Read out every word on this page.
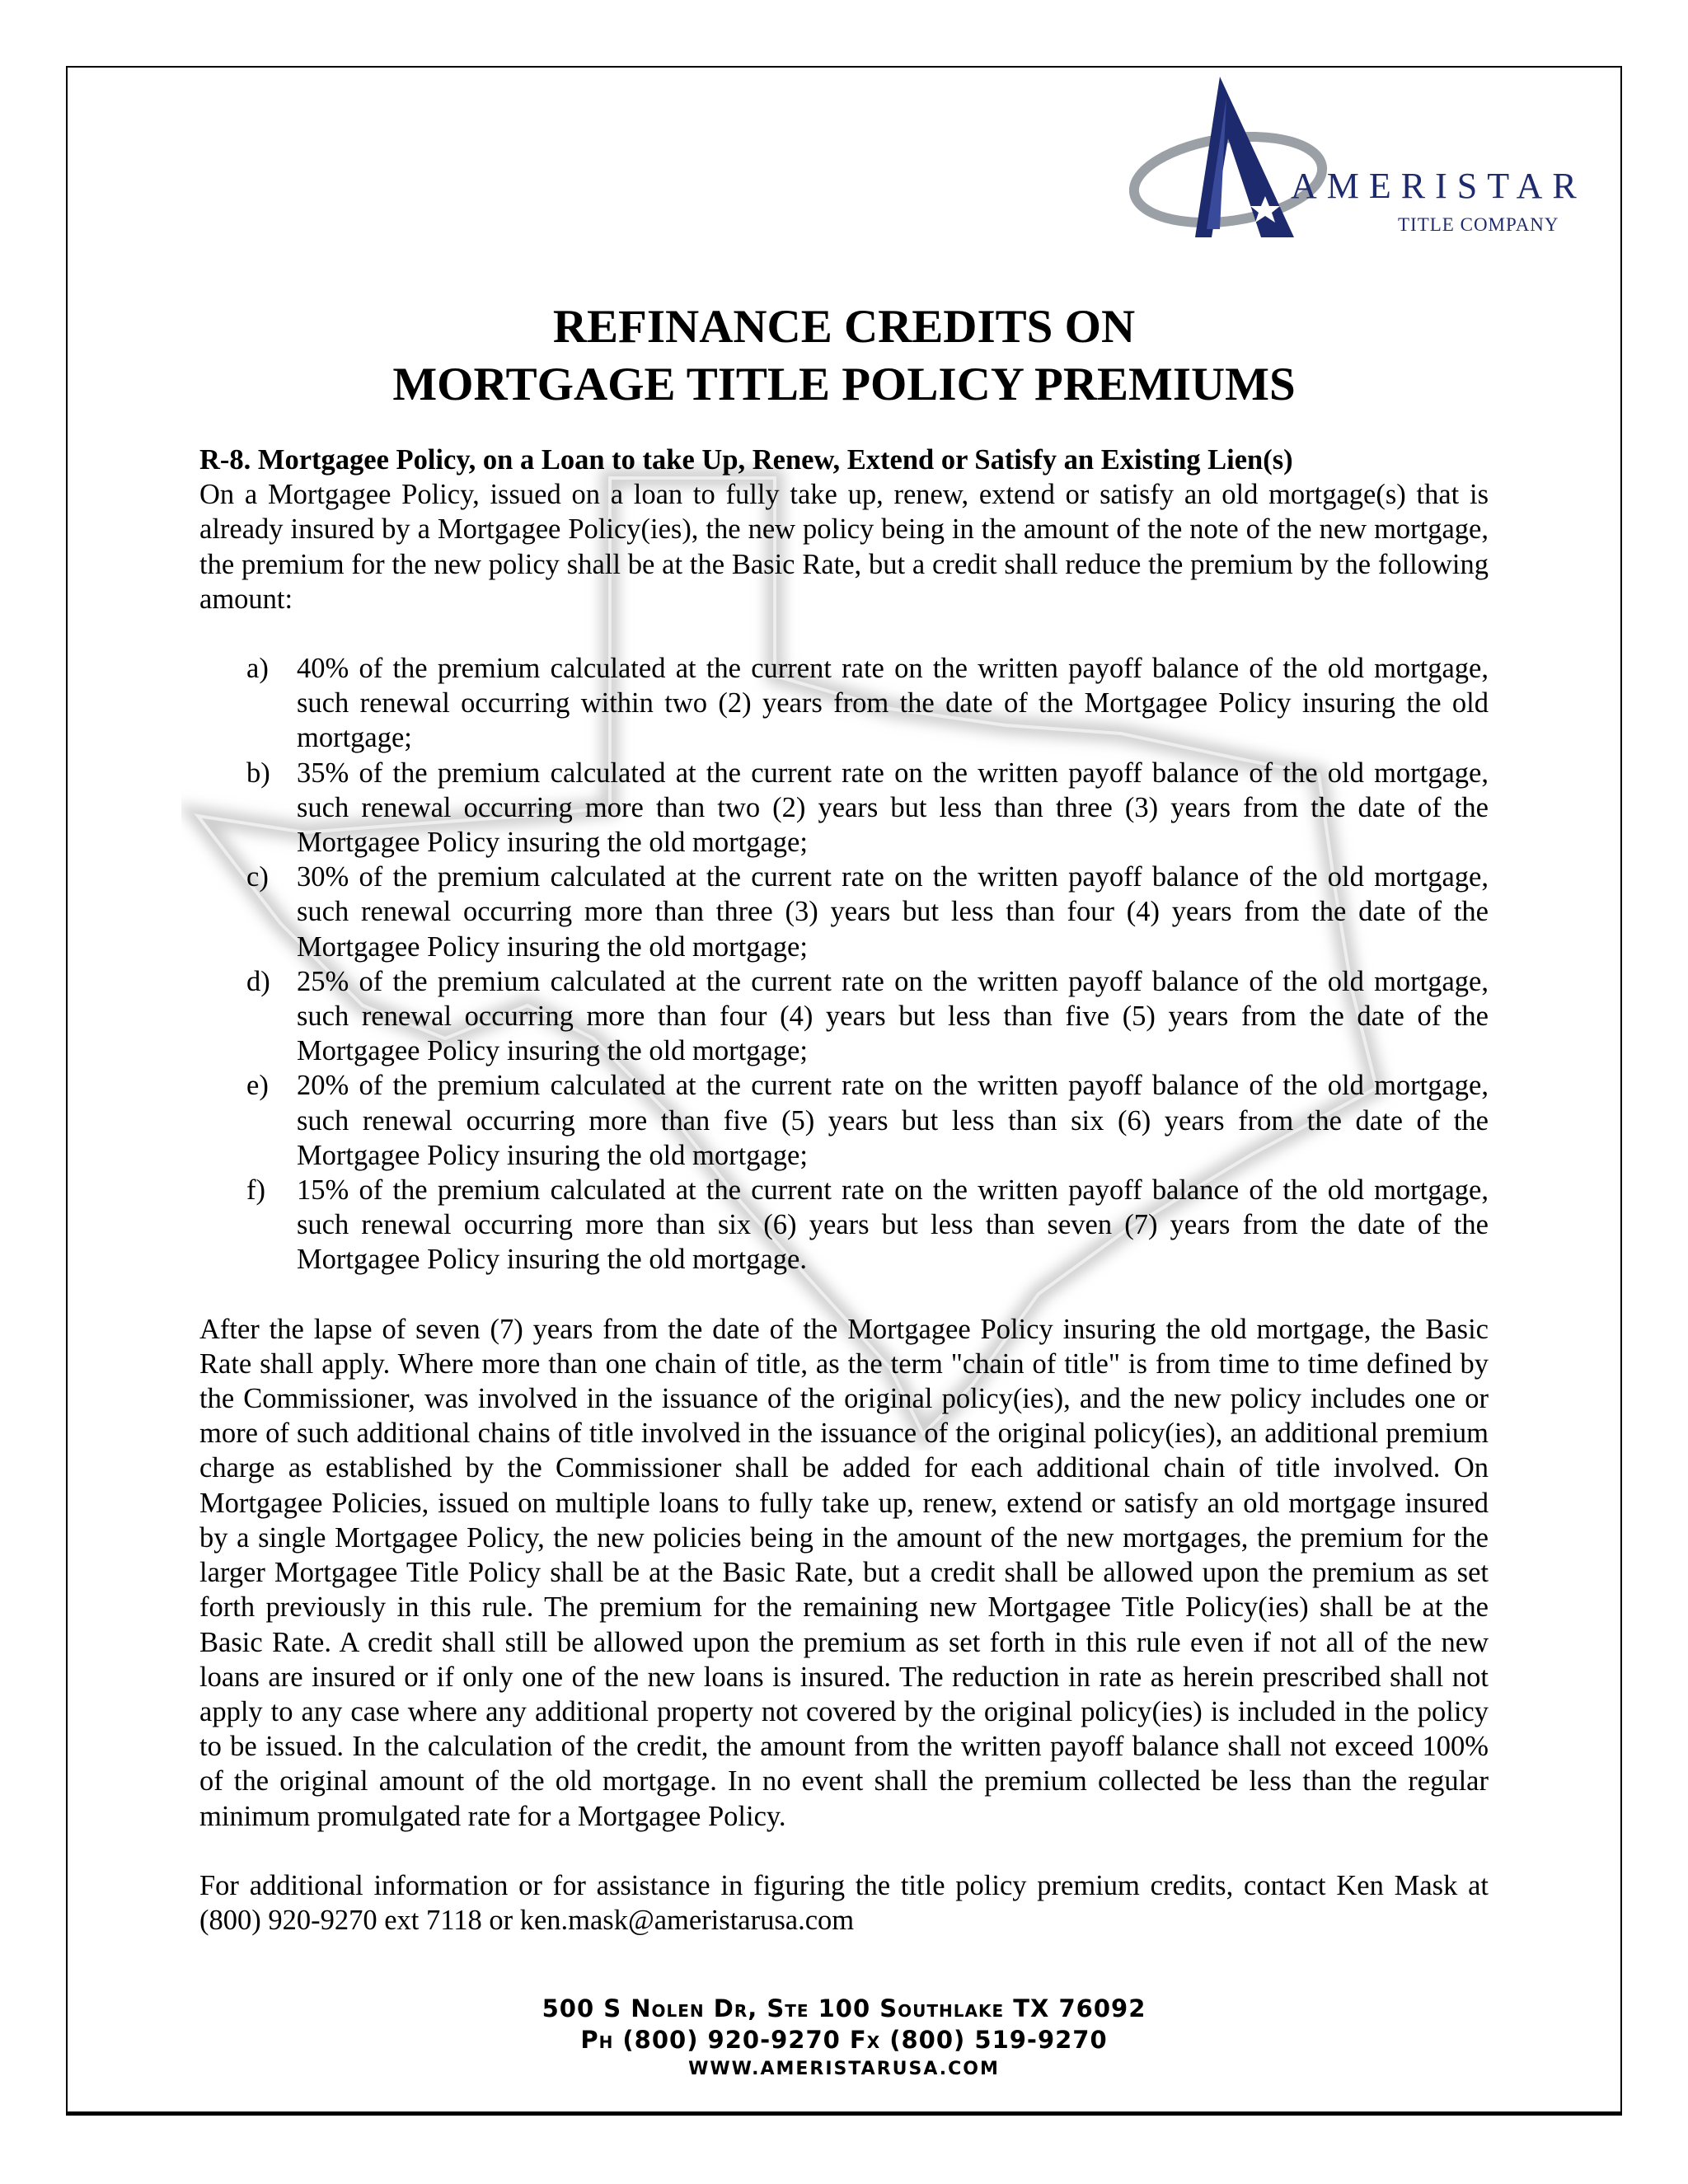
AMERISTAR
TITLE COMPANY
REFINANCE CREDITS ON
MORTGAGE TITLE POLICY PREMIUMS

R-8. Mortgagee Policy, on a Loan to take Up, Renew, Extend or Satisfy an Existing Lien(s)

On a Mortgagee Policy, issued on a loan to fully take up, renew, extend or satisfy an old mortgage(s) that is already insured by a Mortgagee Policy(ies), the new policy being in the amount of the note of the new mortgage, the premium for the new policy shall be at the Basic Rate, but a credit shall reduce the premium by the following amount:

a) 40% of the premium calculated at the current rate on the written payoff balance of the old mortgage, such renewal occurring within two (2) years from the date of the Mortgagee Policy insuring the old mortgage;
b) 35% of the premium calculated at the current rate on the written payoff balance of the old mortgage, such renewal occurring more than two (2) years but less than three (3) years from the date of the Mortgagee Policy insuring the old mortgage;
c) 30% of the premium calculated at the current rate on the written payoff balance of the old mortgage, such renewal occurring more than three (3) years but less than four (4) years from the date of the Mortgagee Policy insuring the old mortgage;
d) 25% of the premium calculated at the current rate on the written payoff balance of the old mortgage, such renewal occurring more than four (4) years but less than five (5) years from the date of the Mortgagee Policy insuring the old mortgage;
e) 20% of the premium calculated at the current rate on the written payoff balance of the old mortgage, such renewal occurring more than five (5) years but less than six (6) years from the date of the Mortgagee Policy insuring the old mortgage;
f) 15% of the premium calculated at the current rate on the written payoff balance of the old mortgage, such renewal occurring more than six (6) years but less than seven (7) years from the date of the Mortgagee Policy insuring the old mortgage.

After the lapse of seven (7) years from the date of the Mortgagee Policy insuring the old mortgage, the Basic Rate shall apply. Where more than one chain of title, as the term "chain of title" is from time to time defined by the Commissioner, was involved in the issuance of the original policy(ies), and the new policy includes one or more of such additional chains of title involved in the issuance of the original policy(ies), an additional premium charge as established by the Commissioner shall be added for each additional chain of title involved. On Mortgagee Policies, issued on multiple loans to fully take up, renew, extend or satisfy an old mortgage insured by a single Mortgagee Policy, the new policies being in the amount of the new mortgages, the premium for the larger Mortgagee Title Policy shall be at the Basic Rate, but a credit shall be allowed upon the premium as set forth previously in this rule. The premium for the remaining new Mortgagee Title Policy(ies) shall be at the Basic Rate. A credit shall still be allowed upon the premium as set forth in this rule even if not all of the new loans are insured or if only one of the new loans is insured. The reduction in rate as herein prescribed shall not apply to any case where any additional property not covered by the original policy(ies) is included in the policy to be issued. In the calculation of the credit, the amount from the written payoff balance shall not exceed 100% of the original amount of the old mortgage. In no event shall the premium collected be less than the regular minimum promulgated rate for a Mortgagee Policy.

For additional information or for assistance in figuring the title policy premium credits, contact Ken Mask at (800) 920-9270 ext 7118 or ken.mask@ameristarusa.com

500 S Nolen Dr, Ste 100 Southlake TX 76092
Ph (800) 920-9270 Fx (800) 519-9270
WWW.AMERISTARUSA.COM
